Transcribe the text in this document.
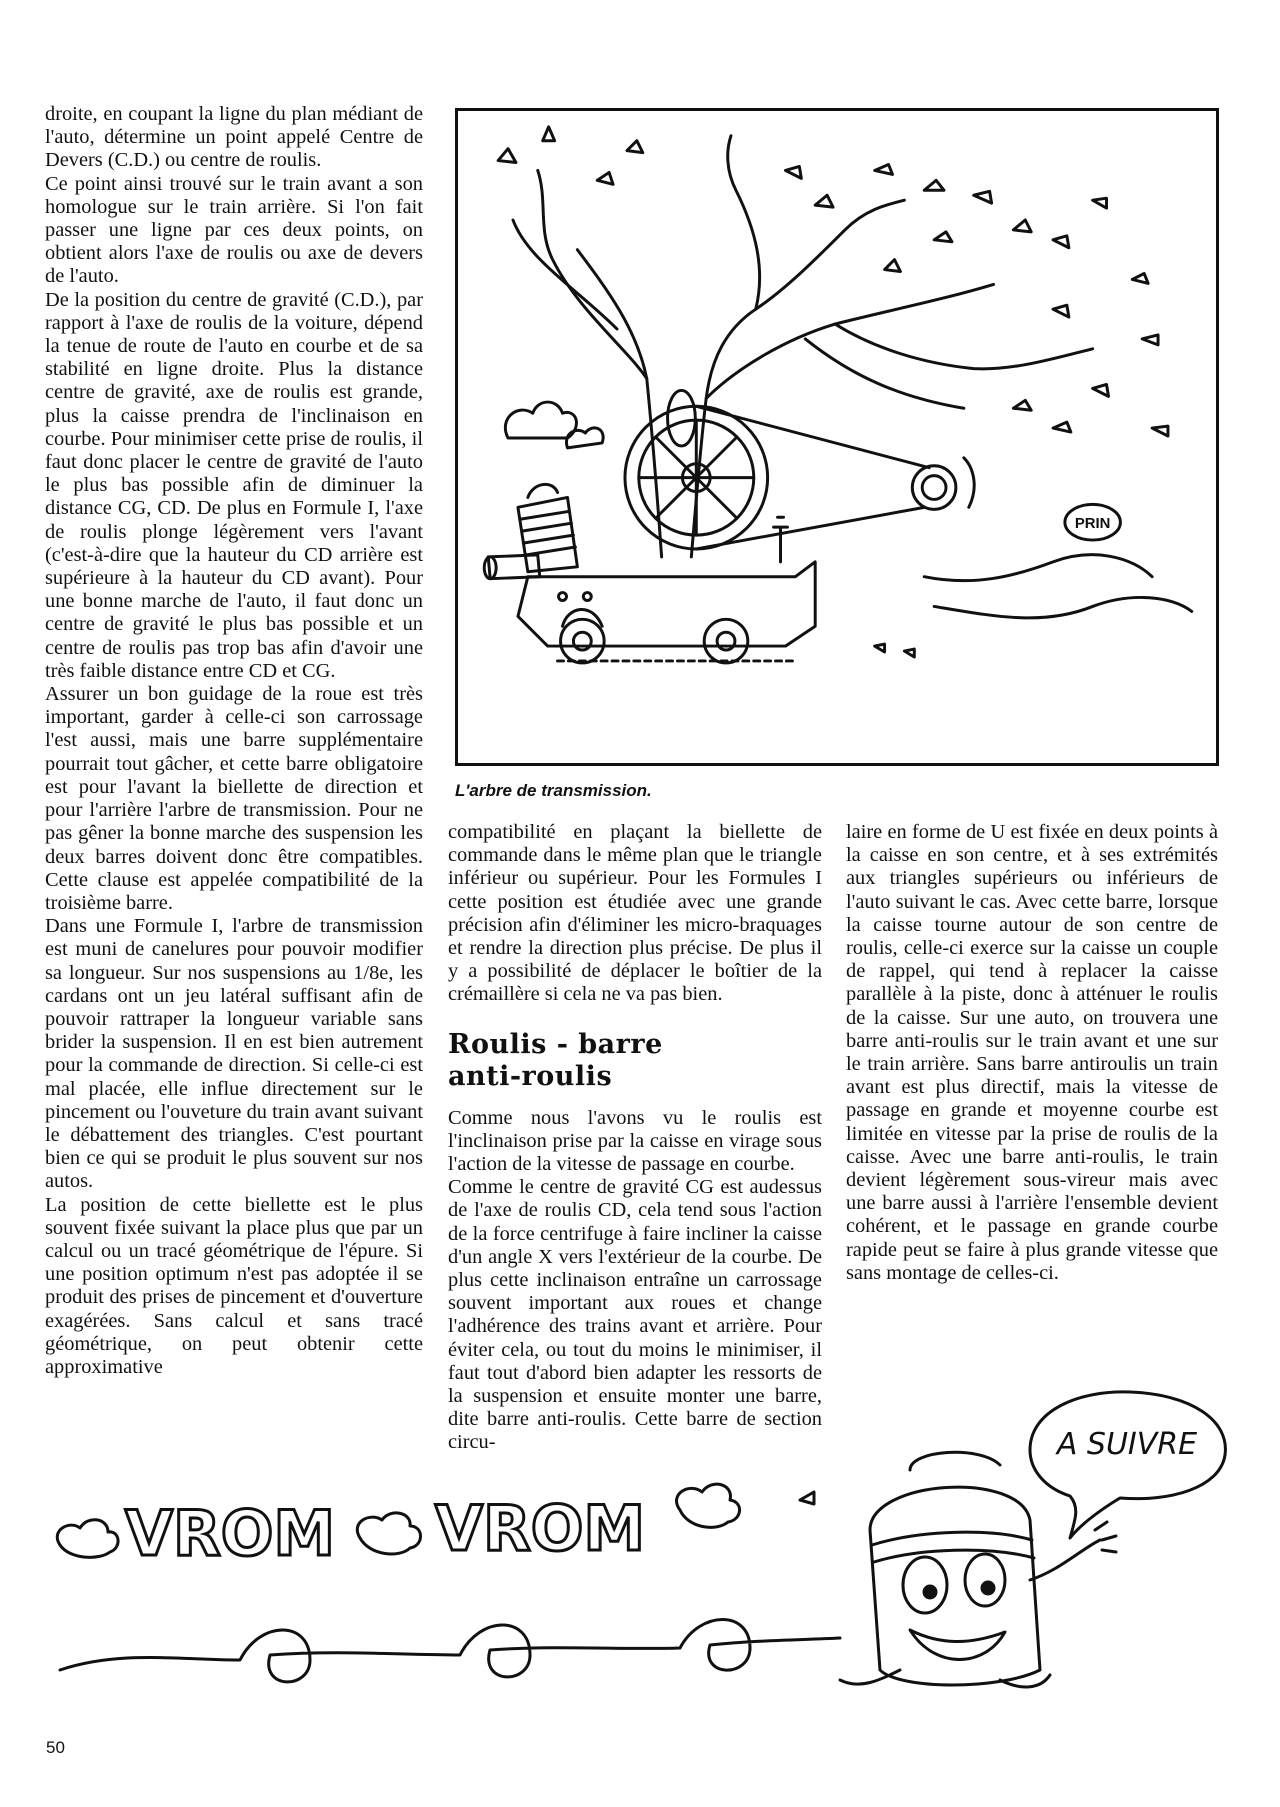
droite, en coupant la ligne du plan médiant de l'auto, détermine un point appelé Centre de Devers (C.D.) ou centre de roulis.

Ce point ainsi trouvé sur le train avant a son homologue sur le train arrière. Si l'on fait passer une ligne par ces deux points, on obtient alors l'axe de roulis ou axe de devers de l'auto.

De la position du centre de gravité (C.D.), par rapport à l'axe de roulis de la voiture, dépend la tenue de route de l'auto en courbe et de sa stabilité en ligne droite. Plus la distance centre de gravité, axe de roulis est grande, plus la caisse prendra de l'inclinaison en courbe. Pour minimiser cette prise de roulis, il faut donc placer le centre de gravité de l'auto le plus bas possible afin de diminuer la distance CG, CD. De plus en Formule I, l'axe de roulis plonge légèrement vers l'avant (c'est-à-dire que la hauteur du CD arrière est supérieure à la hauteur du CD avant). Pour une bonne marche de l'auto, il faut donc un centre de gravité le plus bas possible et un centre de roulis pas trop bas afin d'avoir une très faible distance entre CD et CG.

Assurer un bon guidage de la roue est très important, garder à celle-ci son carrossage l'est aussi, mais une barre supplémentaire pourrait tout gâcher, et cette barre obligatoire est pour l'avant la biellette de direction et pour l'arrière l'arbre de transmission. Pour ne pas gêner la bonne marche des suspension les deux barres doivent donc être compatibles. Cette clause est appelée compatibilité de la troisième barre.

Dans une Formule I, l'arbre de transmission est muni de canelures pour pouvoir modifier sa longueur. Sur nos suspensions au 1/8e, les cardans ont un jeu latéral suffisant afin de pouvoir rattraper la longueur variable sans brider la suspension. Il en est bien autrement pour la commande de direction. Si celle-ci est mal placée, elle influe directement sur le pincement ou l'ouveture du train avant suivant le débattement des triangles. C'est pourtant bien ce qui se produit le plus souvent sur nos autos.

La position de cette biellette est le plus souvent fixée suivant la place plus que par un calcul ou un tracé géométrique de l'épure. Si une position optimum n'est pas adoptée il se produit des prises de pincement et d'ouverture exagérées. Sans calcul et sans tracé géométrique, on peut obtenir cette approximative

PRIN
L'arbre de transmission.

compatibilité en plaçant la biellette de commande dans le même plan que le triangle inférieur ou supérieur. Pour les Formules I cette position est étudiée avec une grande précision afin d'éliminer les micro-braquages et rendre la direction plus précise. De plus il y a possibilité de déplacer le boîtier de la crémaillère si cela ne va pas bien.

Roulis - barre
anti-roulis

Comme nous l'avons vu le roulis est l'inclinaison prise par la caisse en virage sous l'action de la vitesse de passage en courbe.

Comme le centre de gravité CG est audessus de l'axe de roulis CD, cela tend sous l'action de la force centrifuge à faire incliner la caisse d'un angle X vers l'extérieur de la courbe. De plus cette inclinaison entraîne un carrossage souvent important aux roues et change l'adhérence des trains avant et arrière. Pour éviter cela, ou tout du moins le minimiser, il faut tout d'abord bien adapter les ressorts de la suspension et ensuite monter une barre, dite barre anti-roulis. Cette barre de section circu-

laire en forme de U est fixée en deux points à la caisse en son centre, et à ses extrémités aux triangles supérieurs ou inférieurs de l'auto suivant le cas. Avec cette barre, lorsque la caisse tourne autour de son centre de roulis, celle-ci exerce sur la caisse un couple de rappel, qui tend à replacer la caisse parallèle à la piste, donc à atténuer le roulis de la caisse. Sur une auto, on trouvera une barre anti-roulis sur le train avant et une sur le train arrière. Sans barre antiroulis un train avant est plus directif, mais la vitesse de passage en grande et moyenne courbe est limitée en vitesse par la prise de roulis de la caisse. Avec une barre anti-roulis, le train devient légèrement sous-vireur mais avec une barre aussi à l'arrière l'ensemble devient cohérent, et le passage en grande courbe rapide peut se faire à plus grande vitesse que sans montage de celles-ci.

A SUIVRE
VROM VROM
50
